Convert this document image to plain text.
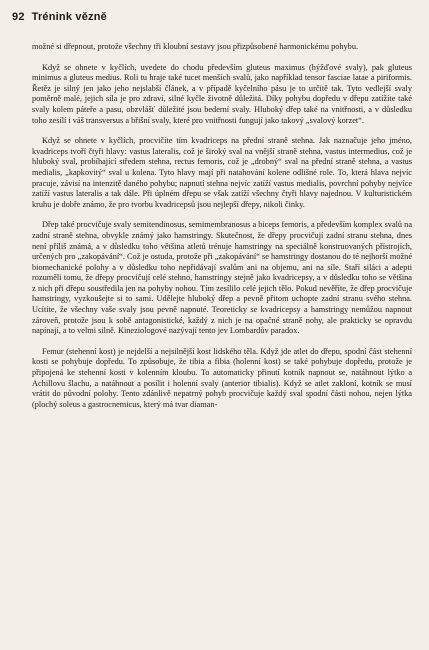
92 Trénink vězně

možné si dřepnout, protože všechny tři kloubní sestavy jsou přizpůsobené harmonickému pohybu.

Když se ohnete v kyčlích, uvedete do chodu především gluteus maximus (hýžďové svaly), pak gluteus minimus a gluteus medius. Roli tu hraje také tucet menších svalů, jako například tensor fasciae latae a piriformis. Řetěz je silný jen jako jeho nejslabší článek, a v případě kyčelního pásu je to určitě tak. Tyto vedlejší svaly poměrně malé, jejich síla je pro zdraví, silné kyčle životně důležitá. Díky pohybu dopředu v dřepu zatížíte také svaly kolem páteře a pasu, obzvlášť důležité jsou bederní svaly. Hluboký dřep také na vnitřnosti, a v důsledku toho zesílí i váš transversus a břišní svaly, které pro vnitřnosti fungují jako takový „svalový korzet“.

Když se ohnete v kyčlích, procvičíte tím kvadriceps na přední straně stehna. Jak naznačuje jeho jméno, kvadriceps tvoří čtyři hlavy: vastus lateralis, což je široký sval na vnější straně stehna, vastus intermedius, což je hluboký sval, probíhající středem stehna, rectus femoris, což je „drobný“ sval na přední straně stehna, a vastus medialis, „kapkovitý“ sval u kolena. Tyto hlavy mají při natahování kolene odlišné role. To, která hlava nejvíc pracuje, závisí na intenzitě daného pohybu; napnutí stehna nejvíc zatíží vastus medialis, povrchní pohyby nejvíce zatíží vastus lateralis a tak dále. Při úplném dřepu se však zatíží všechny čtyři hlavy najednou. V kulturistickém kruhu je dobře známo, že pro tvorbu kvadricepsů jsou nejlepší dřepy, nikoli činky.

Dřep také procvičuje svaly semitendinosus, semimembranosus a biceps femoris, a především komplex svalů na zadní straně stehna, obvykle známý jako hamstringy. Skutečnost, že dřepy procvičují zadní stranu stehna, dnes není příliš známá, a v důsledku toho většina atletů trénuje hamstringy na speciálně konstruovaných přístrojích, určených pro „zakopávání“. Což je ostuda, protože při „zakopávání“ se hamstringy dostanou do té nejhorší možné biomechanické polohy a v důsledku toho nepřidávají svalům ani na objemu, ani na síle. Staří siláci a adepti rozuměli tomu, že dřepy procvičují celé stehno, hamstringy stejně jako kvadricepsy, a v důsledku toho se většina z nich při dřepu soustředila jen na pohyby nohou. Tím zesílilo celé jejich tělo. Pokud nevěříte, že dřep procvičuje hamstringy, vyzkoušejte si to sami. Udělejte hluboký dřep a pevně přitom uchopte zadní stranu svého stehna. Ucítíte, že všechny vaše svaly jsou pevně napnuté. Teoreticky se kvadricepsy a hamstringy nemůžou napnout zároveň, protože jsou k sobě antagonistické, každý z nich je na opačné straně nohy, ale prakticky se opravdu napínají, a to velmi silně. Kineziologové nazývají tento jev Lombardův paradox.

Femur (stehenní kost) je nejdelší a nejsilnější kost lidského těla. Když jde atlet do dřepu, spodní část stehenní kosti se pohybuje dopředu. To způsobuje, že tibia a fibia (holenní kost) se také pohybuje dopředu, protože je připojená ke stehenní kosti v kolenním kloubu. To automaticky přinutí kotník napnout se, natáhnout lýtko a Achillovu šlachu, a natáhnout a posílit i holenní svaly (anterior tibialis). Když se atlet zakloní, kotník se musí vrátit do původní polohy. Tento zdánlivě nepatrný pohyb procvičuje každý sval spodní části nohou, nejen lýtka (plochý soleus a gastrocnemicus, který má tvar diaman-
